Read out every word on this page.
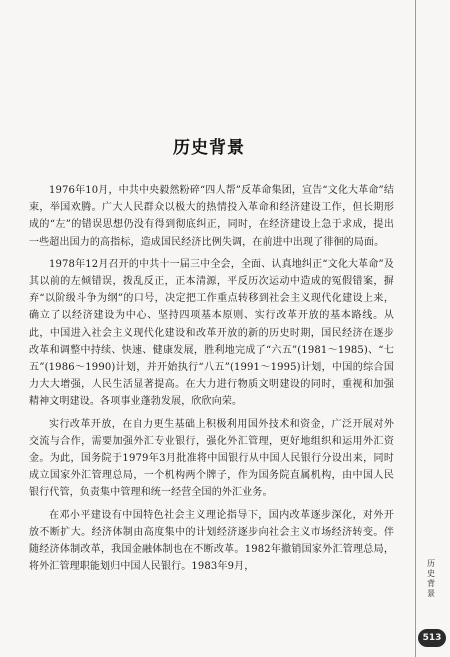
历史背景

1976年10月，中共中央毅然粉碎“四人帮”反革命集团，宣告“文化大革命”结束，举国欢腾。广大人民群众以极大的热情投入革命和经济建设工作，但长期形成的“左”的错误思想仍没有得到彻底纠正，同时，在经济建设上急于求成，提出一些超出国力的高指标，造成国民经济比例失调，在前进中出现了徘徊的局面。

1978年12月召开的中共十一届三中全会，全面、认真地纠正“文化大革命”及其以前的左倾错误，拨乱反正，正本清源，平反历次运动中造成的冤假错案，摒弃“以阶级斗争为纲”的口号，决定把工作重点转移到社会主义现代化建设上来，确立了以经济建设为中心、坚持四项基本原则、实行改革开放的基本路线。从此，中国进入社会主义现代化建设和改革开放的新的历史时期，国民经济在逐步改革和调整中持续、快速、健康发展，胜利地完成了“六五”(1981～1985)、“七五”(1986～1990)计划，并开始执行“八五”(1991～1995)计划，中国的综合国力大大增强，人民生活显著提高。在大力进行物质文明建设的同时，重视和加强精神文明建设。各项事业蓬勃发展，欣欣向荣。

实行改革开放，在自力更生基础上积极利用国外技术和资金，广泛开展对外交流与合作，需要加强外汇专业银行，强化外汇管理，更好地组织和运用外汇资金。为此，国务院于1979年3月批准将中国银行从中国人民银行分设出来，同时成立国家外汇管理总局，一个机构两个牌子，作为国务院直属机构，由中国人民银行代管，负责集中管理和统一经营全国的外汇业务。

在邓小平建设有中国特色社会主义理论指导下，国内改革逐步深化，对外开放不断扩大。经济体制由高度集中的计划经济逐步向社会主义市场经济转变。伴随经济体制改革，我国金融体制也在不断改革。1982年撤销国家外汇管理总局，将外汇管理职能划归中国人民银行。1983年9月，	历史背景
513
